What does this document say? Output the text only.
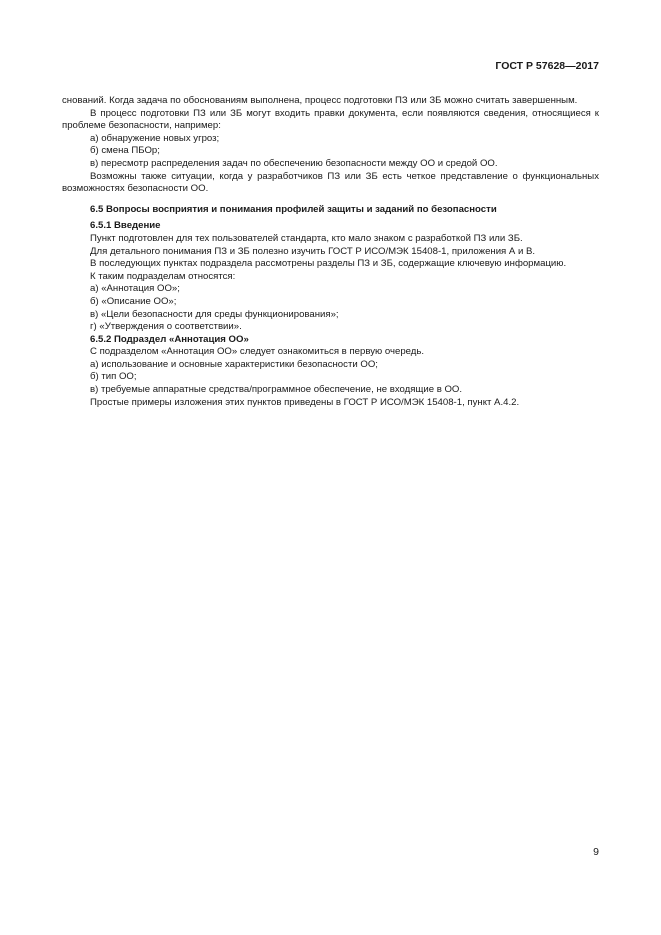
ГОСТ Р 57628—2017

снований. Когда задача по обоснованиям выполнена, процесс подготовки ПЗ или ЗБ можно считать завершенным.

В процесс подготовки ПЗ или ЗБ могут входить правки документа, если появляются сведения, относящиеся к проблеме безопасности, например:

а) обнаружение новых угроз;

б) смена ПБОр;

в) пересмотр распределения задач по обеспечению безопасности между ОО и средой ОО.

Возможны также ситуации, когда у разработчиков ПЗ или ЗБ есть четкое представление о функциональных возможностях безопасности ОО.

6.5 Вопросы восприятия и понимания профилей защиты и заданий по безопасности

6.5.1 Введение

Пункт подготовлен для тех пользователей стандарта, кто мало знаком с разработкой ПЗ или ЗБ.

Для детального понимания ПЗ и ЗБ полезно изучить ГОСТ Р ИСО/МЭК 15408-1, приложения А и В.

В последующих пунктах подраздела рассмотрены разделы ПЗ и ЗБ, содержащие ключевую информацию.

К таким подразделам относятся:

а) «Аннотация ОО»;

б) «Описание ОО»;

в) «Цели безопасности для среды функционирования»;

г) «Утверждения о соответствии».

6.5.2 Подраздел «Аннотация ОО»

С подразделом «Аннотация ОО» следует ознакомиться в первую очередь.

а) использование и основные характеристики безопасности ОО;

б) тип ОО;

в) требуемые аппаратные средства/программное обеспечение, не входящие в ОО.

Простые примеры изложения этих пунктов приведены в ГОСТ Р ИСО/МЭК 15408-1, пункт А.4.2.

9
